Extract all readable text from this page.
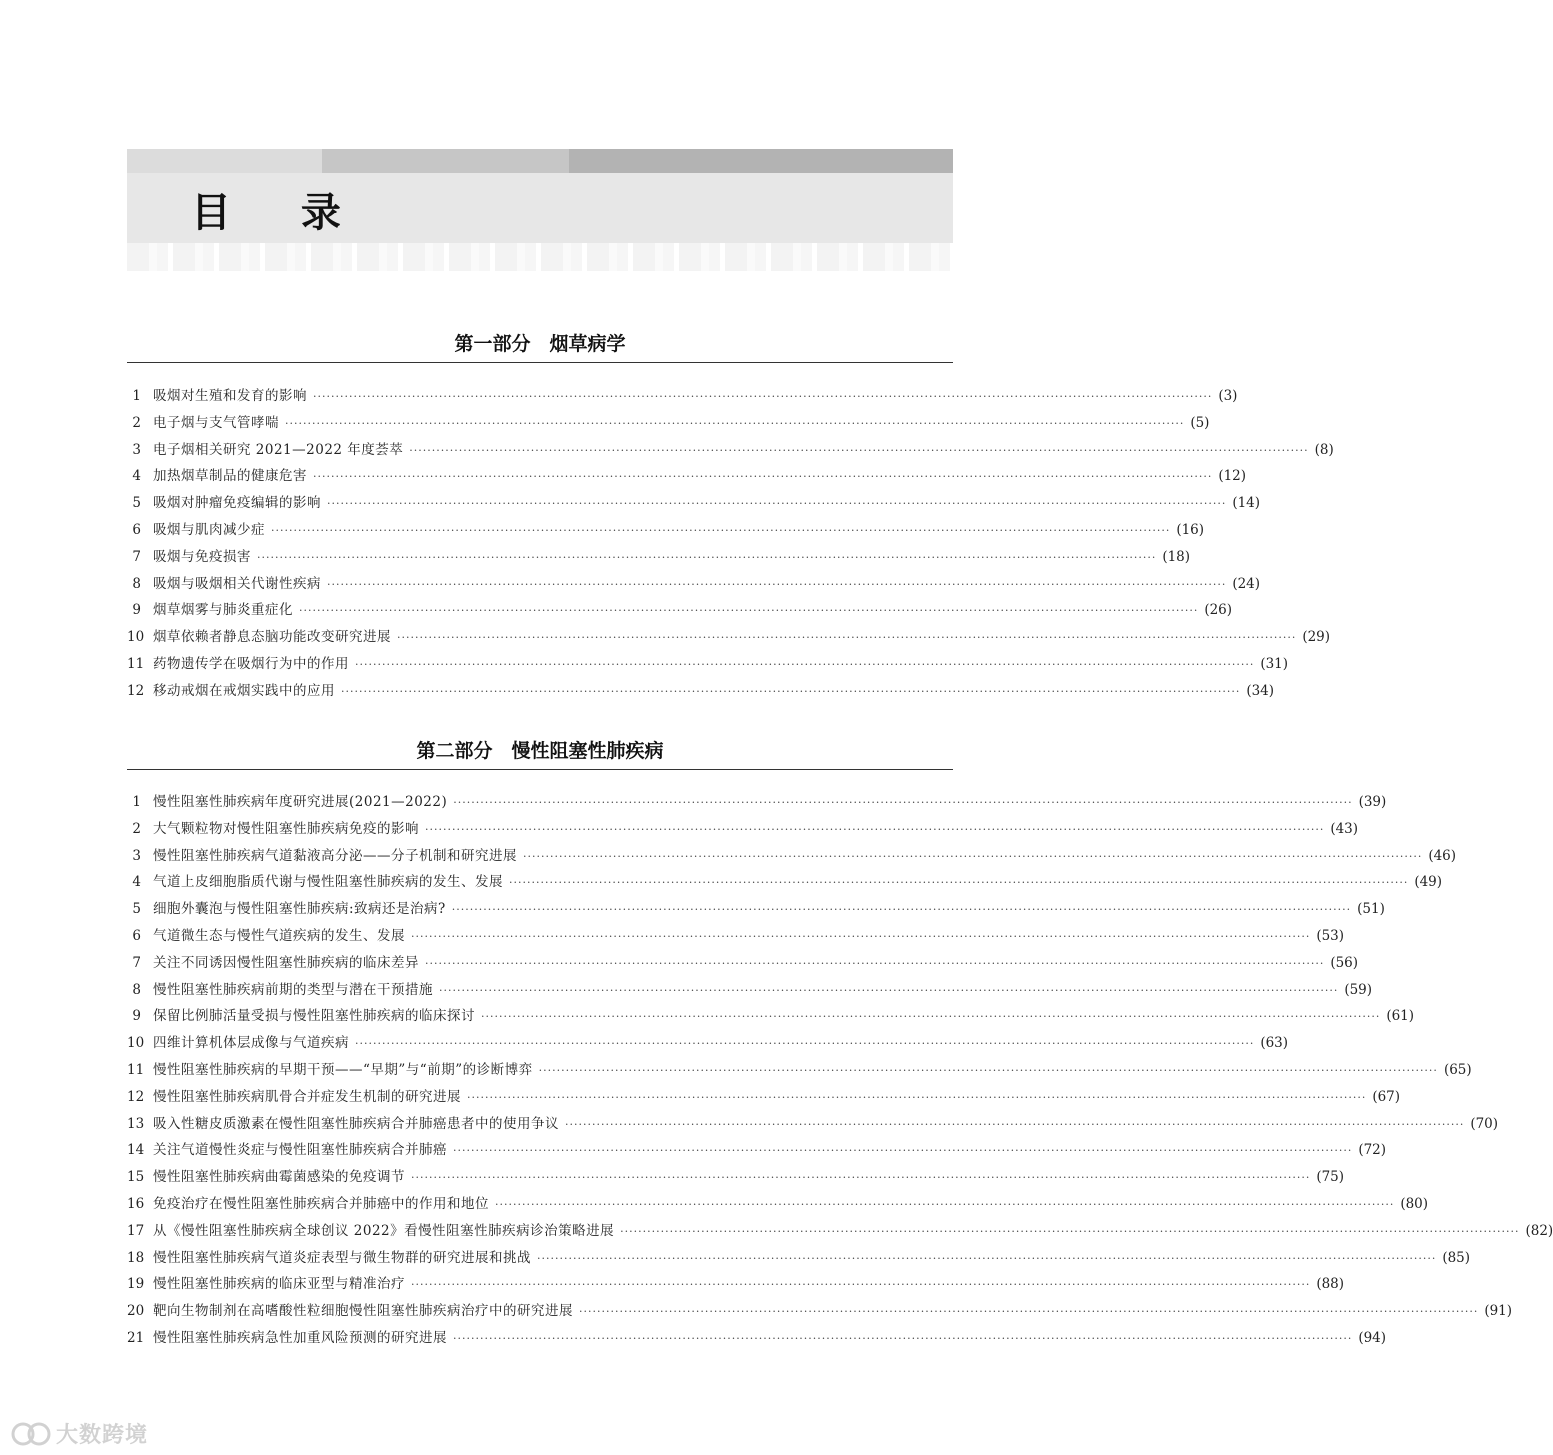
目 录
第一部分　烟草病学
1 吸烟对生殖和发育的影响 ········································································································································································································ (3)
2 电子烟与支气管哮喘 ········································································································································································································ (5)
3 电子烟相关研究 2021—2022 年度荟萃 ········································································································································································································ (8)
4 加热烟草制品的健康危害 ········································································································································································································ (12)
5 吸烟对肿瘤免疫编辑的影响 ········································································································································································································ (14)
6 吸烟与肌肉减少症 ········································································································································································································ (16)
7 吸烟与免疫损害 ········································································································································································································ (18)
8 吸烟与吸烟相关代谢性疾病 ········································································································································································································ (24)
9 烟草烟雾与肺炎重症化 ········································································································································································································ (26)
10 烟草依赖者静息态脑功能改变研究进展 ········································································································································································································ (29)
11 药物遗传学在吸烟行为中的作用 ········································································································································································································ (31)
12 移动戒烟在戒烟实践中的应用 ········································································································································································································ (34)
第二部分　慢性阻塞性肺疾病
1 慢性阻塞性肺疾病年度研究进展(2021—2022) ········································································································································································································ (39)
2 大气颗粒物对慢性阻塞性肺疾病免疫的影响 ········································································································································································································ (43)
3 慢性阻塞性肺疾病气道黏液高分泌——分子机制和研究进展 ········································································································································································································ (46)
4 气道上皮细胞脂质代谢与慢性阻塞性肺疾病的发生、发展 ········································································································································································································ (49)
5 细胞外囊泡与慢性阻塞性肺疾病:致病还是治病? ········································································································································································································ (51)
6 气道微生态与慢性气道疾病的发生、发展 ········································································································································································································ (53)
7 关注不同诱因慢性阻塞性肺疾病的临床差异 ········································································································································································································ (56)
8 慢性阻塞性肺疾病前期的类型与潜在干预措施 ········································································································································································································ (59)
9 保留比例肺活量受损与慢性阻塞性肺疾病的临床探讨 ········································································································································································································ (61)
10 四维计算机体层成像与气道疾病 ········································································································································································································ (63)
11 慢性阻塞性肺疾病的早期干预——“早期”与“前期”的诊断博弈 ········································································································································································································ (65)
12 慢性阻塞性肺疾病肌骨合并症发生机制的研究进展 ········································································································································································································ (67)
13 吸入性糖皮质激素在慢性阻塞性肺疾病合并肺癌患者中的使用争议 ········································································································································································································ (70)
14 关注气道慢性炎症与慢性阻塞性肺疾病合并肺癌 ········································································································································································································ (72)
15 慢性阻塞性肺疾病曲霉菌感染的免疫调节 ········································································································································································································ (75)
16 免疫治疗在慢性阻塞性肺疾病合并肺癌中的作用和地位 ········································································································································································································ (80)
17 从《慢性阻塞性肺疾病全球创议 2022》看慢性阻塞性肺疾病诊治策略进展 ········································································································································································································ (82)
18 慢性阻塞性肺疾病气道炎症表型与微生物群的研究进展和挑战 ········································································································································································································ (85)
19 慢性阻塞性肺疾病的临床亚型与精准治疗 ········································································································································································································ (88)
20 靶向生物制剂在高嗜酸性粒细胞慢性阻塞性肺疾病治疗中的研究进展 ········································································································································································································ (91)
21 慢性阻塞性肺疾病急性加重风险预测的研究进展 ········································································································································································································ (94)
大数跨境
